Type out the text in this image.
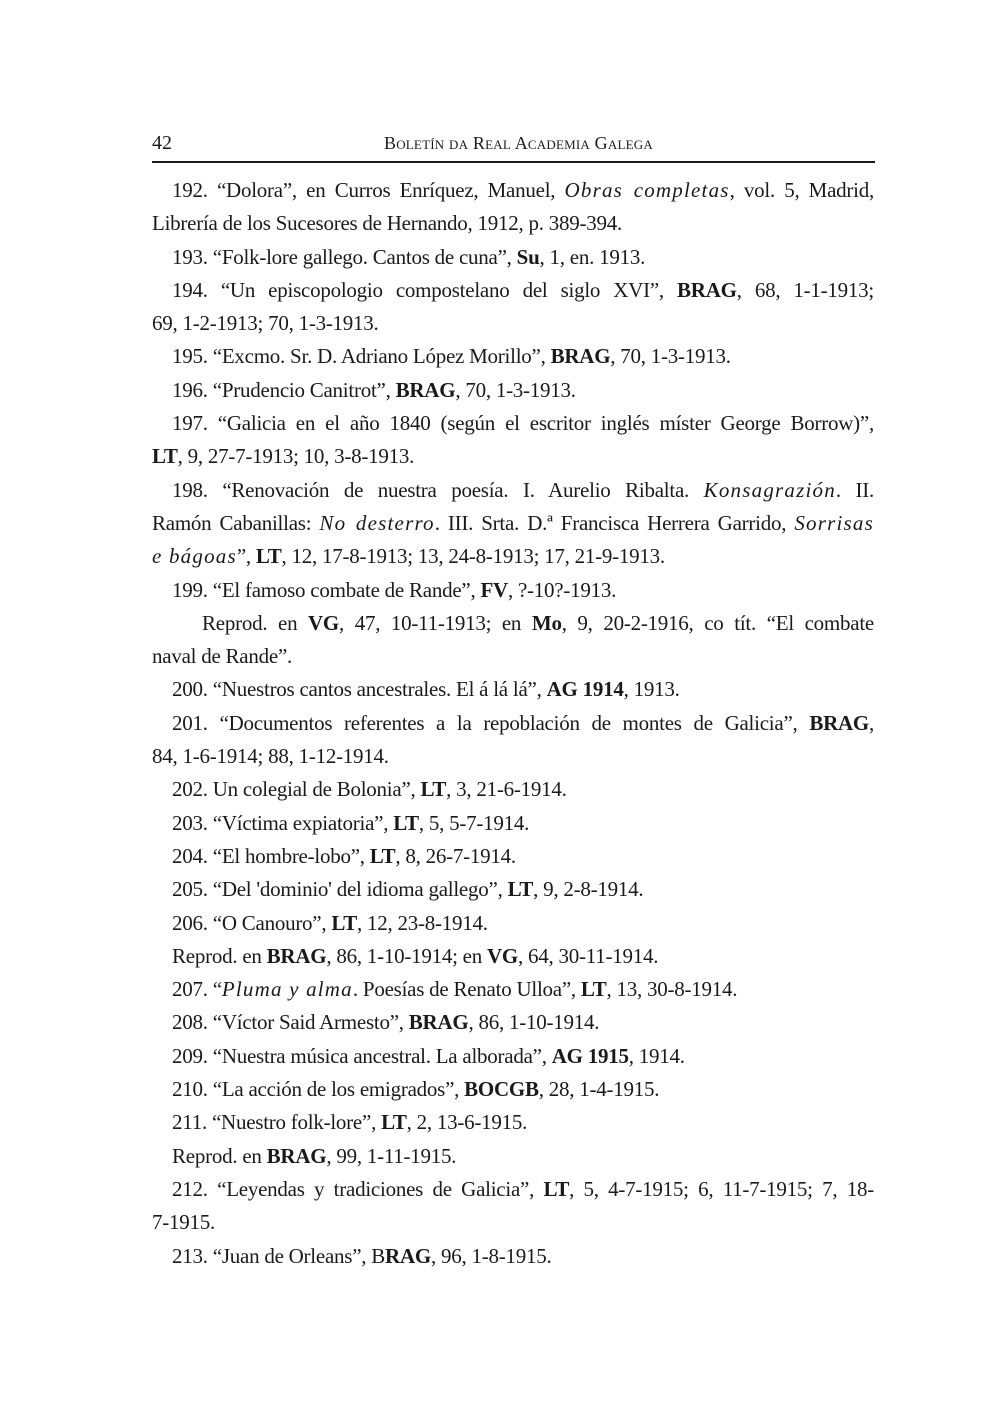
42	Boletín da Real Academia Galega
192. “Dolora”, en Curros Enríquez, Manuel, Obras completas, vol. 5, Madrid,
Librería de los Sucesores de Hernando, 1912, p. 389-394.
193. “Folk-lore gallego. Cantos de cuna”, Su, 1, en. 1913.
194. “Un episcopologio compostelano del siglo XVI”, BRAG, 68, 1-1-1913;
69, 1-2-1913; 70, 1-3-1913.
195. “Excmo. Sr. D. Adriano López Morillo”, BRAG, 70, 1-3-1913.
196. “Prudencio Canitrot”, BRAG, 70, 1-3-1913.
197. “Galicia en el año 1840 (según el escritor inglés míster George Borrow)”,
LT, 9, 27-7-1913; 10, 3-8-1913.
198. “Renovación de nuestra poesía. I. Aurelio Ribalta. Konsagrazión. II.
Ramón Cabanillas: No desterro. III. Srta. D.ª Francisca Herrera Garrido, Sorrisas
e bágoas”, LT, 12, 17-8-1913; 13, 24-8-1913; 17, 21-9-1913.
199. “El famoso combate de Rande”, FV, ?-10?-1913.
Reprod. en VG, 47, 10-11-1913; en Mo, 9, 20-2-1916, co tít. “El combate
naval de Rande”.
200. “Nuestros cantos ancestrales. El á lá lá”, AG 1914, 1913.
201. “Documentos referentes a la repoblación de montes de Galicia”, BRAG,
84, 1-6-1914; 88, 1-12-1914.
202. Un colegial de Bolonia”, LT, 3, 21-6-1914.
203. “Víctima expiatoria”, LT, 5, 5-7-1914.
204. “El hombre-lobo”, LT, 8, 26-7-1914.
205. “Del 'dominio' del idioma gallego”, LT, 9, 2-8-1914.
206. “O Canouro”, LT, 12, 23-8-1914.
Reprod. en BRAG, 86, 1-10-1914; en VG, 64, 30-11-1914.
207. “Pluma y alma. Poesías de Renato Ulloa”, LT, 13, 30-8-1914.
208. “Víctor Said Armesto”, BRAG, 86, 1-10-1914.
209. “Nuestra música ancestral. La alborada”, AG 1915, 1914.
210. “La acción de los emigrados”, BOCGB, 28, 1-4-1915.
211. “Nuestro folk-lore”, LT, 2, 13-6-1915.
Reprod. en BRAG, 99, 1-11-1915.
212. “Leyendas y tradiciones de Galicia”, LT, 5, 4-7-1915; 6, 11-7-1915; 7, 18-
7-1915.
213. “Juan de Orleans”, BRAG, 96, 1-8-1915.
